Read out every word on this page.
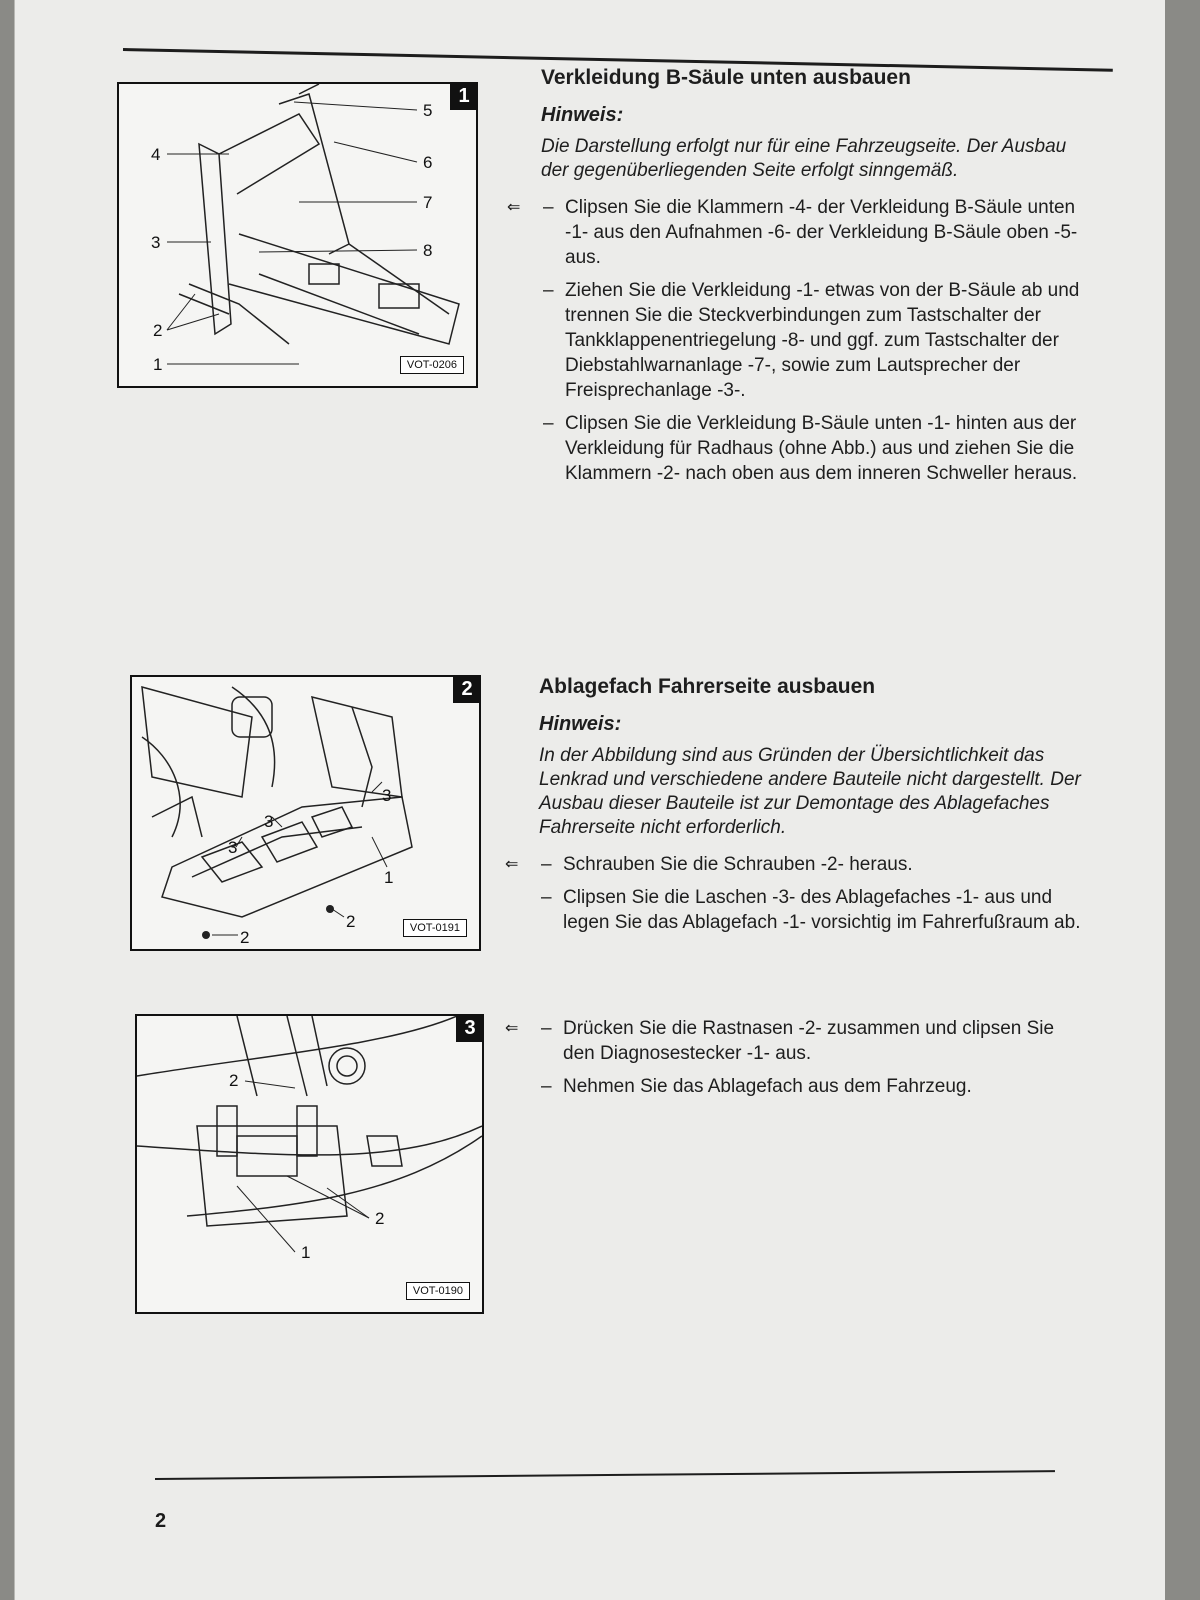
5
4	6
7
3	8
2
1
1
VOT-0206
Verkleidung B-Säule unten ausbauen
Hinweis:
Die Darstellung erfolgt nur für eine Fahrzeugseite. Der Ausbau der gegenüberliegenden Seite erfolgt sinngemäß.
⇐ – Clipsen Sie die Klammern -4- der Verkleidung B-Säule unten -1- aus den Aufnahmen -6- der Verkleidung B-Säule oben -5- aus.
– Ziehen Sie die Verkleidung -1- etwas von der B-Säule ab und trennen Sie die Steckverbindungen zum Tastschalter der Tankklappenentriegelung -8- und ggf. zum Tastschalter der Diebstahlwarnanlage -7-, sowie zum Lautsprecher der Freisprechanlage -3-.
– Clipsen Sie die Verkleidung B-Säule unten -1- hinten aus der Verkleidung für Radhaus (ohne Abb.) aus und ziehen Sie die Klammern -2- nach oben aus dem inneren Schweller heraus.
3
3
3
1
2
2
2
VOT-0191
Ablagefach Fahrerseite ausbauen
Hinweis:
In der Abbildung sind aus Gründen der Übersichtlichkeit das Lenkrad und verschiedene andere Bauteile nicht dargestellt. Der Ausbau dieser Bauteile ist zur Demontage des Ablagefaches Fahrerseite nicht erforderlich.
⇐ – Schrauben Sie die Schrauben -2- heraus.
– Clipsen Sie die Laschen -3- des Ablagefaches -1- aus und legen Sie das Ablagefach -1- vorsichtig im Fahrerfußraum ab.
2
2
1
3
VOT-0190
⇐ – Drücken Sie die Rastnasen -2- zusammen und clipsen Sie den Diagnosestecker -1- aus.
– Nehmen Sie das Ablagefach aus dem Fahrzeug.
2
